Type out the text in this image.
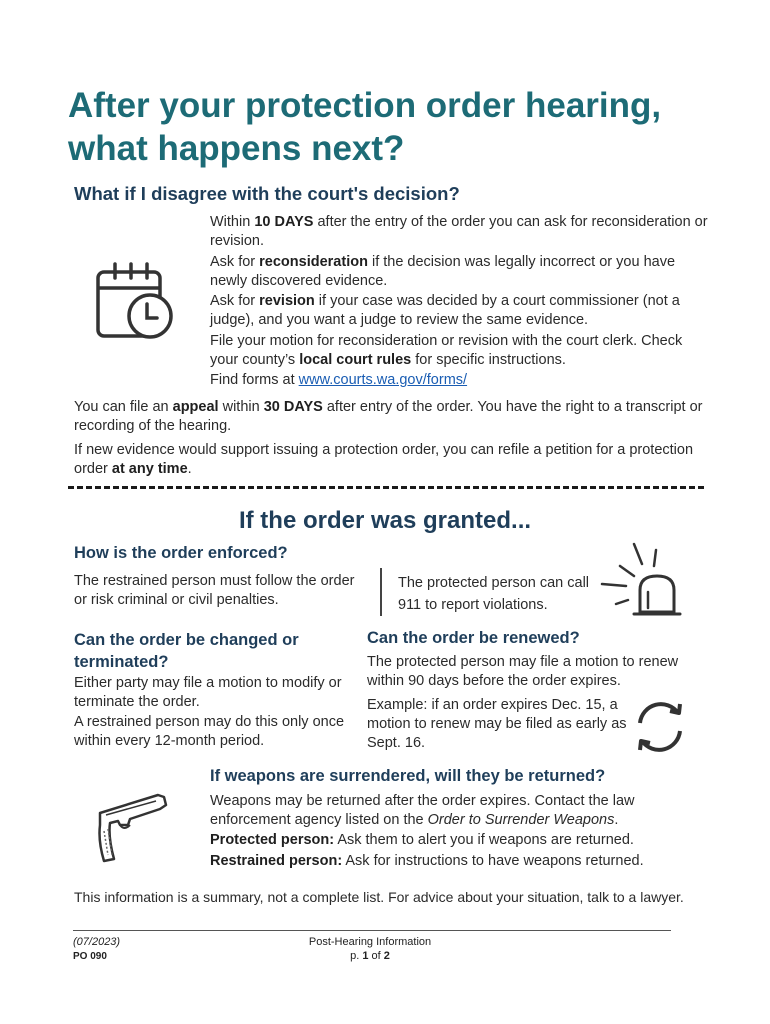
After your protection order hearing, what happens next?
What if I disagree with the court's decision?
Within 10 DAYS after the entry of the order you can ask for reconsideration or revision.
Ask for reconsideration if the decision was legally incorrect or you have newly discovered evidence.
Ask for revision if your case was decided by a court commissioner (not a judge), and you want a judge to review the same evidence.
File your motion for reconsideration or revision with the court clerk. Check your county’s local court rules for specific instructions.
Find forms at www.courts.wa.gov/forms/
You can file an appeal within 30 DAYS after entry of the order. You have the right to a transcript or recording of the hearing.
If new evidence would support issuing a protection order, you can refile a petition for a protection order at any time.
If the order was granted...
How is the order enforced?
The restrained person must follow the order or risk criminal or civil penalties.
The protected person can call 911 to report violations.
Can the order be changed or terminated?
Either party may file a motion to modify or terminate the order.
A restrained person may do this only once within every 12-month period.
Can the order be renewed?
The protected person may file a motion to renew within 90 days before the order expires.
Example: if an order expires Dec. 15, a motion to renew may be filed as early as Sept. 16.
If weapons are surrendered, will they be returned?
Weapons may be returned after the order expires. Contact the law enforcement agency listed on the Order to Surrender Weapons.
Protected person: Ask them to alert you if weapons are returned.
Restrained person: Ask for instructions to have weapons returned.
This information is a summary, not a complete list. For advice about your situation, talk to a lawyer.
(07/2023)
PO 090
Post-Hearing Information
p. 1 of 2
